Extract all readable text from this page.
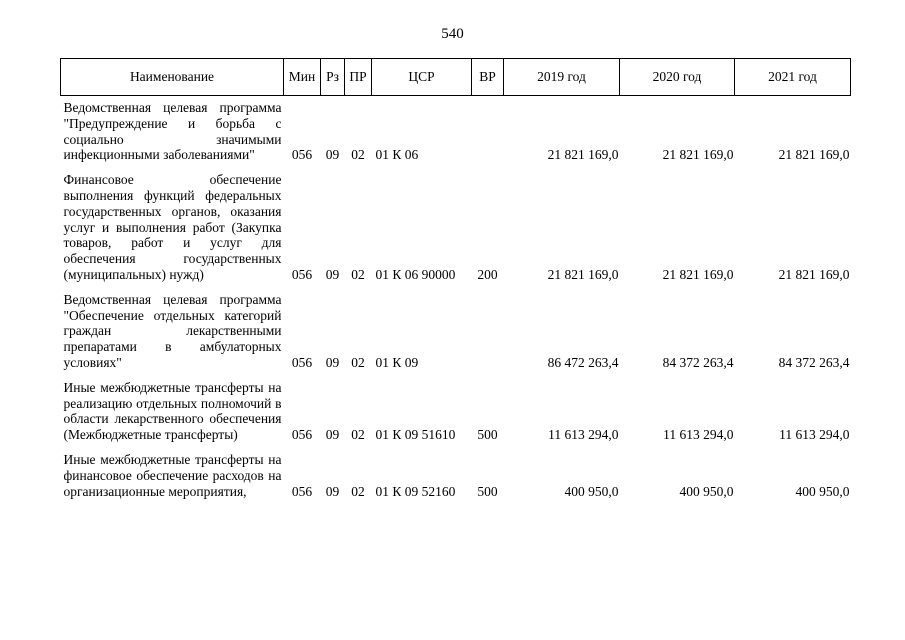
540
Наименование	Мин	Рз	ПР	ЦСР	ВР	2019 год	2020 год	2021 год
Ведомственная целевая программа "Предупреждение и борьба с социально значимыми инфекционными заболеваниями"	056	09	02	01 К 06		21 821 169,0	21 821 169,0	21 821 169,0
Финансовое обеспечение выполнения функций федеральных государственных органов, оказания услуг и выполнения работ (Закупка товаров, работ и услуг для обеспечения государственных (муниципальных) нужд)	056	09	02	01 К 06 90000	200	21 821 169,0	21 821 169,0	21 821 169,0
Ведомственная целевая программа "Обеспечение отдельных категорий граждан лекарственными препаратами в амбулаторных условиях"	056	09	02	01 К 09		86 472 263,4	84 372 263,4	84 372 263,4
Иные межбюджетные трансферты на реализацию отдельных полномочий в области лекарственного обеспечения (Межбюджетные трансферты)	056	09	02	01 К 09 51610	500	11 613 294,0	11 613 294,0	11 613 294,0
Иные межбюджетные трансферты на финансовое обеспечение расходов на организационные мероприятия,	056	09	02	01 К 09 52160	500	400 950,0	400 950,0	400 950,0
